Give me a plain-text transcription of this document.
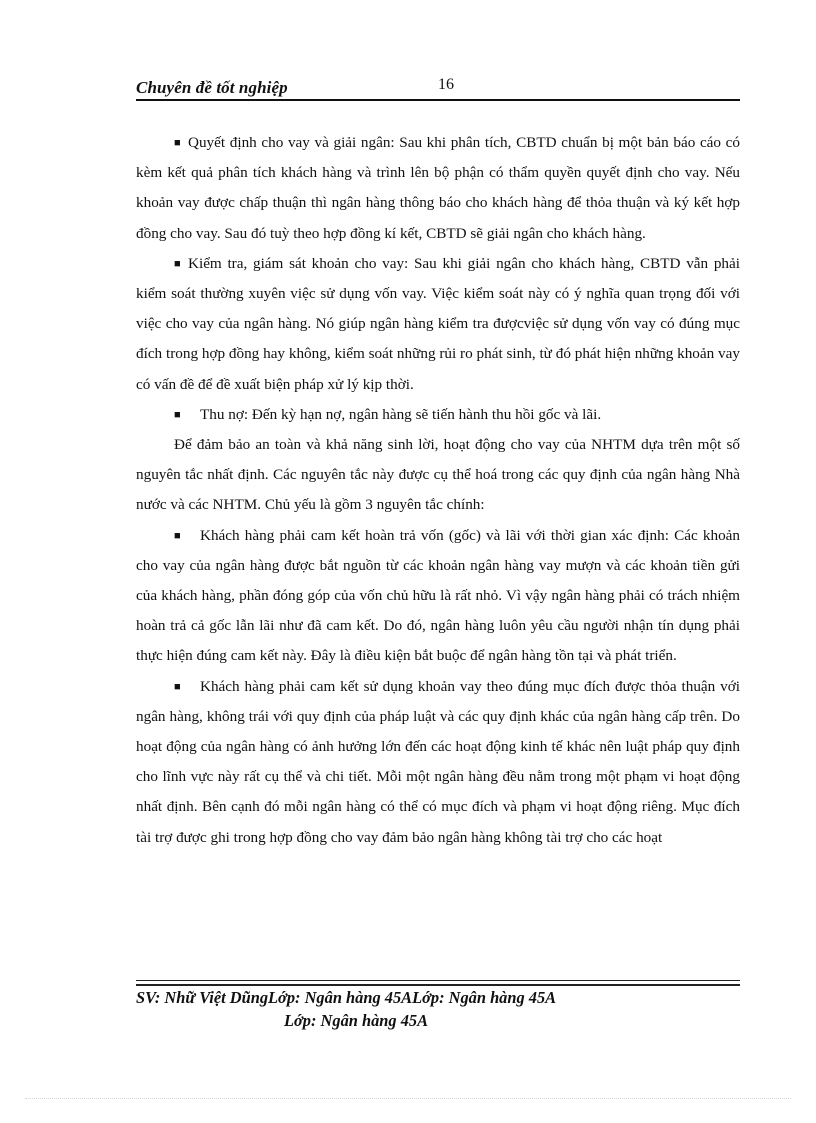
Chuyên đề tốt nghiệp	16

■ Quyết định cho vay và giải ngân: Sau khi phân tích, CBTD chuẩn bị một bản báo cáo có kèm kết quả phân tích khách hàng và trình lên bộ phận có thẩm quyền quyết định cho vay. Nếu khoản vay được chấp thuận thì ngân hàng thông báo cho khách hàng để thỏa thuận và ký kết hợp đồng cho vay. Sau đó tuỳ theo hợp đồng kí kết, CBTD sẽ giải ngân cho khách hàng.

■ Kiểm tra, giám sát khoản cho vay: Sau khi giải ngân cho khách hàng, CBTD vẫn phải kiểm soát thường xuyên việc sử dụng vốn vay. Việc kiểm soát này có ý nghĩa quan trọng đối với việc cho vay của ngân hàng. Nó giúp ngân hàng kiểm tra đượcviệc sử dụng vốn vay có đúng mục đích trong hợp đồng hay không, kiểm soát những rủi ro phát sinh, từ đó phát hiện những khoản vay có vấn đề để đề xuất biện pháp xử lý kịp thời.

■ Thu nợ: Đến kỳ hạn nợ, ngân hàng sẽ tiến hành thu hồi gốc và lãi.

Để đảm bảo an toàn và khả năng sinh lời, hoạt động cho vay của NHTM dựa trên một số nguyên tắc nhất định. Các nguyên tắc này được cụ thể hoá trong các quy định của ngân hàng Nhà nước và các NHTM. Chủ yếu là gồm 3 nguyên tắc chính:

■ Khách hàng phải cam kết hoàn trả vốn (gốc) và lãi với thời gian xác định: Các khoản cho vay của ngân hàng được bắt nguồn từ các khoản ngân hàng vay mượn và các khoản tiền gửi của khách hàng, phần đóng góp của vốn chủ hữu là rất nhỏ. Vì vậy ngân hàng phải có trách nhiệm hoàn trả cả gốc lẫn lãi như đã cam kết. Do đó, ngân hàng luôn yêu cầu người nhận tín dụng phải thực hiện đúng cam kết này. Đây là điều kiện bắt buộc để ngân hàng tồn tại và phát triển.

■ Khách hàng phải cam kết sử dụng khoản vay theo đúng mục đích được thỏa thuận với ngân hàng, không trái với quy định của pháp luật và các quy định khác của ngân hàng cấp trên. Do hoạt động của ngân hàng có ảnh hưởng lớn đến các hoạt động kinh tế khác nên luật pháp quy định cho lĩnh vực này rất cụ thể và chi tiết. Mỗi một ngân hàng đều nằm trong một phạm vi hoạt động nhất định. Bên cạnh đó mỗi ngân hàng có thể có mục đích và phạm vi hoạt động riêng. Mục đích tài trợ được ghi trong hợp đồng cho vay đảm bảo ngân hàng không tài trợ cho các hoạt

SV: Nhữ Việt DũngLớp: Ngân hàng 45ALớp: Ngân hàng 45A
Lớp: Ngân hàng 45A
